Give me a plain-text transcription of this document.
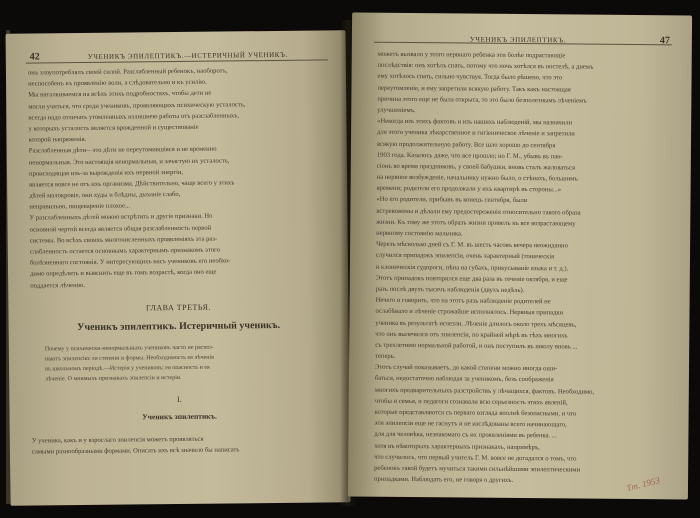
42	УЧЕНИКЪ ЭПИЛЕПТИКЪ.—ИСТЕРИЧНЫЙ УЧЕНИКЪ.
онъ злоупотреблялъ своей силой. Разслабленный ребенокъ, наоборотъ,
неспособенъ къ проявленію воли, а слѣдовательно и къ усилію.
Мы наталкиваемся на всѣхъ этихъ подробностяхъ, чтобы дети не
могли учиться, что среди учениковъ, проявляющихъ психическую усталость,
всегда надо отличать утомленныхъ излишнею работы отъ разслабленныхъ,
у которыхъ усталость является врожденной и существованіе
которой напряженія.
Разслабленныя дѣти—это дѣти не переутомившіяся и не временно
ненормальныя. Это настоящія ненормальныя, и зачастую их усталость,
происходящая изъ-за вырожденія ихъ нервной энергіи,
является вовсе не отъ ихъ организма. Дѣйствительно, чаще всего у этихъ
дѣтей малокровіе, они худы и блѣдны, дыханіе слабо,
неправильно, пищевареніе плохое...
У разслабленныхъ дѣтей можно встрѣтить и другіе признаки. Но
основной чертой всегда является общая разслабленность первой
системы. Во всѣхъ своихъ многочисленныхъ проявленіяхъ эта раз-
слабленность остается основнымъ характернымъ признакомъ этого
болѣзненнаго состоянія. У интересующихъ насъ учениковъ его необхо-
димо опредѣлить и выяснить еще въ томъ возрастѣ, когда оно еще
поддается лѣченію.
ГЛАВА ТРЕТЬЯ.
Ученикъ эпилептикъ. Истеричный ученикъ.
Почему у психически-ненормальныхъ учениковъ часто не распоз-
наютъ эпилепсію: ея степени и формы. Необходимость ея лѣченія
въ школьномъ періодѣ.—Истерія у учениковъ; ея опасность и ея
лѣченіе. О мнимыхъ признакахъ эпилепсіи и истеріи.
I.
Ученикъ эпилептикъ.
У ученика, какъ и у взрослаго эпилепсія можетъ проявляться
самыми разнообразными формами. Описать ихъ всѣ значило бы написать
УЧЕНИКЪ ЭПИЛЕПТИКЪ.	47
можетъ вызвало у этого нервнаго ребенка эти болѣе подрастающіе
послѣдствія: онъ хотѣлъ спать, потому что ночь хотѣлся въ постелѣ, а днемъ
ему хотѣлось спать, сильно чувствуя. Тогда было рѣшено, что это
переутомленіе, и ему запретили всякую работу. Такъ какъ настоящая
причина этого еще не была открыта, то это было безполезнымъ лѣченіемъ
улучшеніемъ.
«Некогда изъ этихъ фактовъ и изъ нашихъ наблюденій, мы назначили
для этого ученика лѣкарственное и гигіеническое лѣченіе и запретили
всякую продолжительную работу. Все шло хорошо до сентября
1903 года. Казалось даже, что все прошло; но Г. М., убывъ въ пан-
сіонъ во время праздниковъ, у своей бабушки, вновь сталъ жаловаться
на нервное возбужденіе, начальнику нужно было, о стѣнахъ, большимъ
времени; родители его продолжали у ихъ квартирѣ въ стороны...»
«Но его родители, прибывъ въ конецъ сентября, были
встревожены и дѣлали ему предостереженія относительно такого образа
жизни. Къ тому же этотъ образъ жизни привелъ къ все возрастающему
нервному состоянію мальчика.
Черезъ мѣсколько дней съ Г. М. въ шесть часовъ вечера неожиданно
случился припадокъ эпилепсіи, очень характерный (тоническія
и клоническія судороги, пѣна на губахъ, прикусываніе языка и т. д.).
Этотъ припадокъ повторился еще два раза въ теченіе октября, и еще
разъ послѣ двухъ тысячъ наблюденія (двухъ недѣль).
Нечего и говорить, что на этотъ разъ наблюденіе родителей не
ослабѣвало и лѣченіе строжайше исполнялось. Нервныя припадки
ученика въ результатѣ исчезли. Лѣченіе длилось около трехъ мѣсяцевъ,
что онъ вылечился отъ эпилепсіи, по крайней мѣрѣ въ тѣхъ многихъ
съ трехлетнею нормальной работой, и онъ поступилъ въ школу вновь ...
теперь.
Этотъ случай показываетъ, до какой степени можно иногда оши-
баться, недостаточно наблюдая за ученикомъ, безъ соображенія
многихъ предварительныхъ разстройствъ у лѣчащихся, фактовъ. Необходимо,
чтобы и семья, и педагоги сознавали всю серьезность этихъ явленій,
которые представляются съ перваго взгляда вполнѣ безопасными, и что
эти эпилепсіи еще не гаснутъ и не изслѣдованы всего начинающаго,
для для человѣка, незнакомаго съ их проявленіями въ ребенка. ...
хотя въ нѣкоторыхъ характерныхъ признакахъ, напримѣръ,
что случилось, что первый учитель Г. М. вовсе не догадался о томъ, что
ребенокъ такой будетъ мучиться такими сильнѣйшими эпилептическими
припадками. Наблюдать его, не говоря о другихъ.	Тт. 1953
